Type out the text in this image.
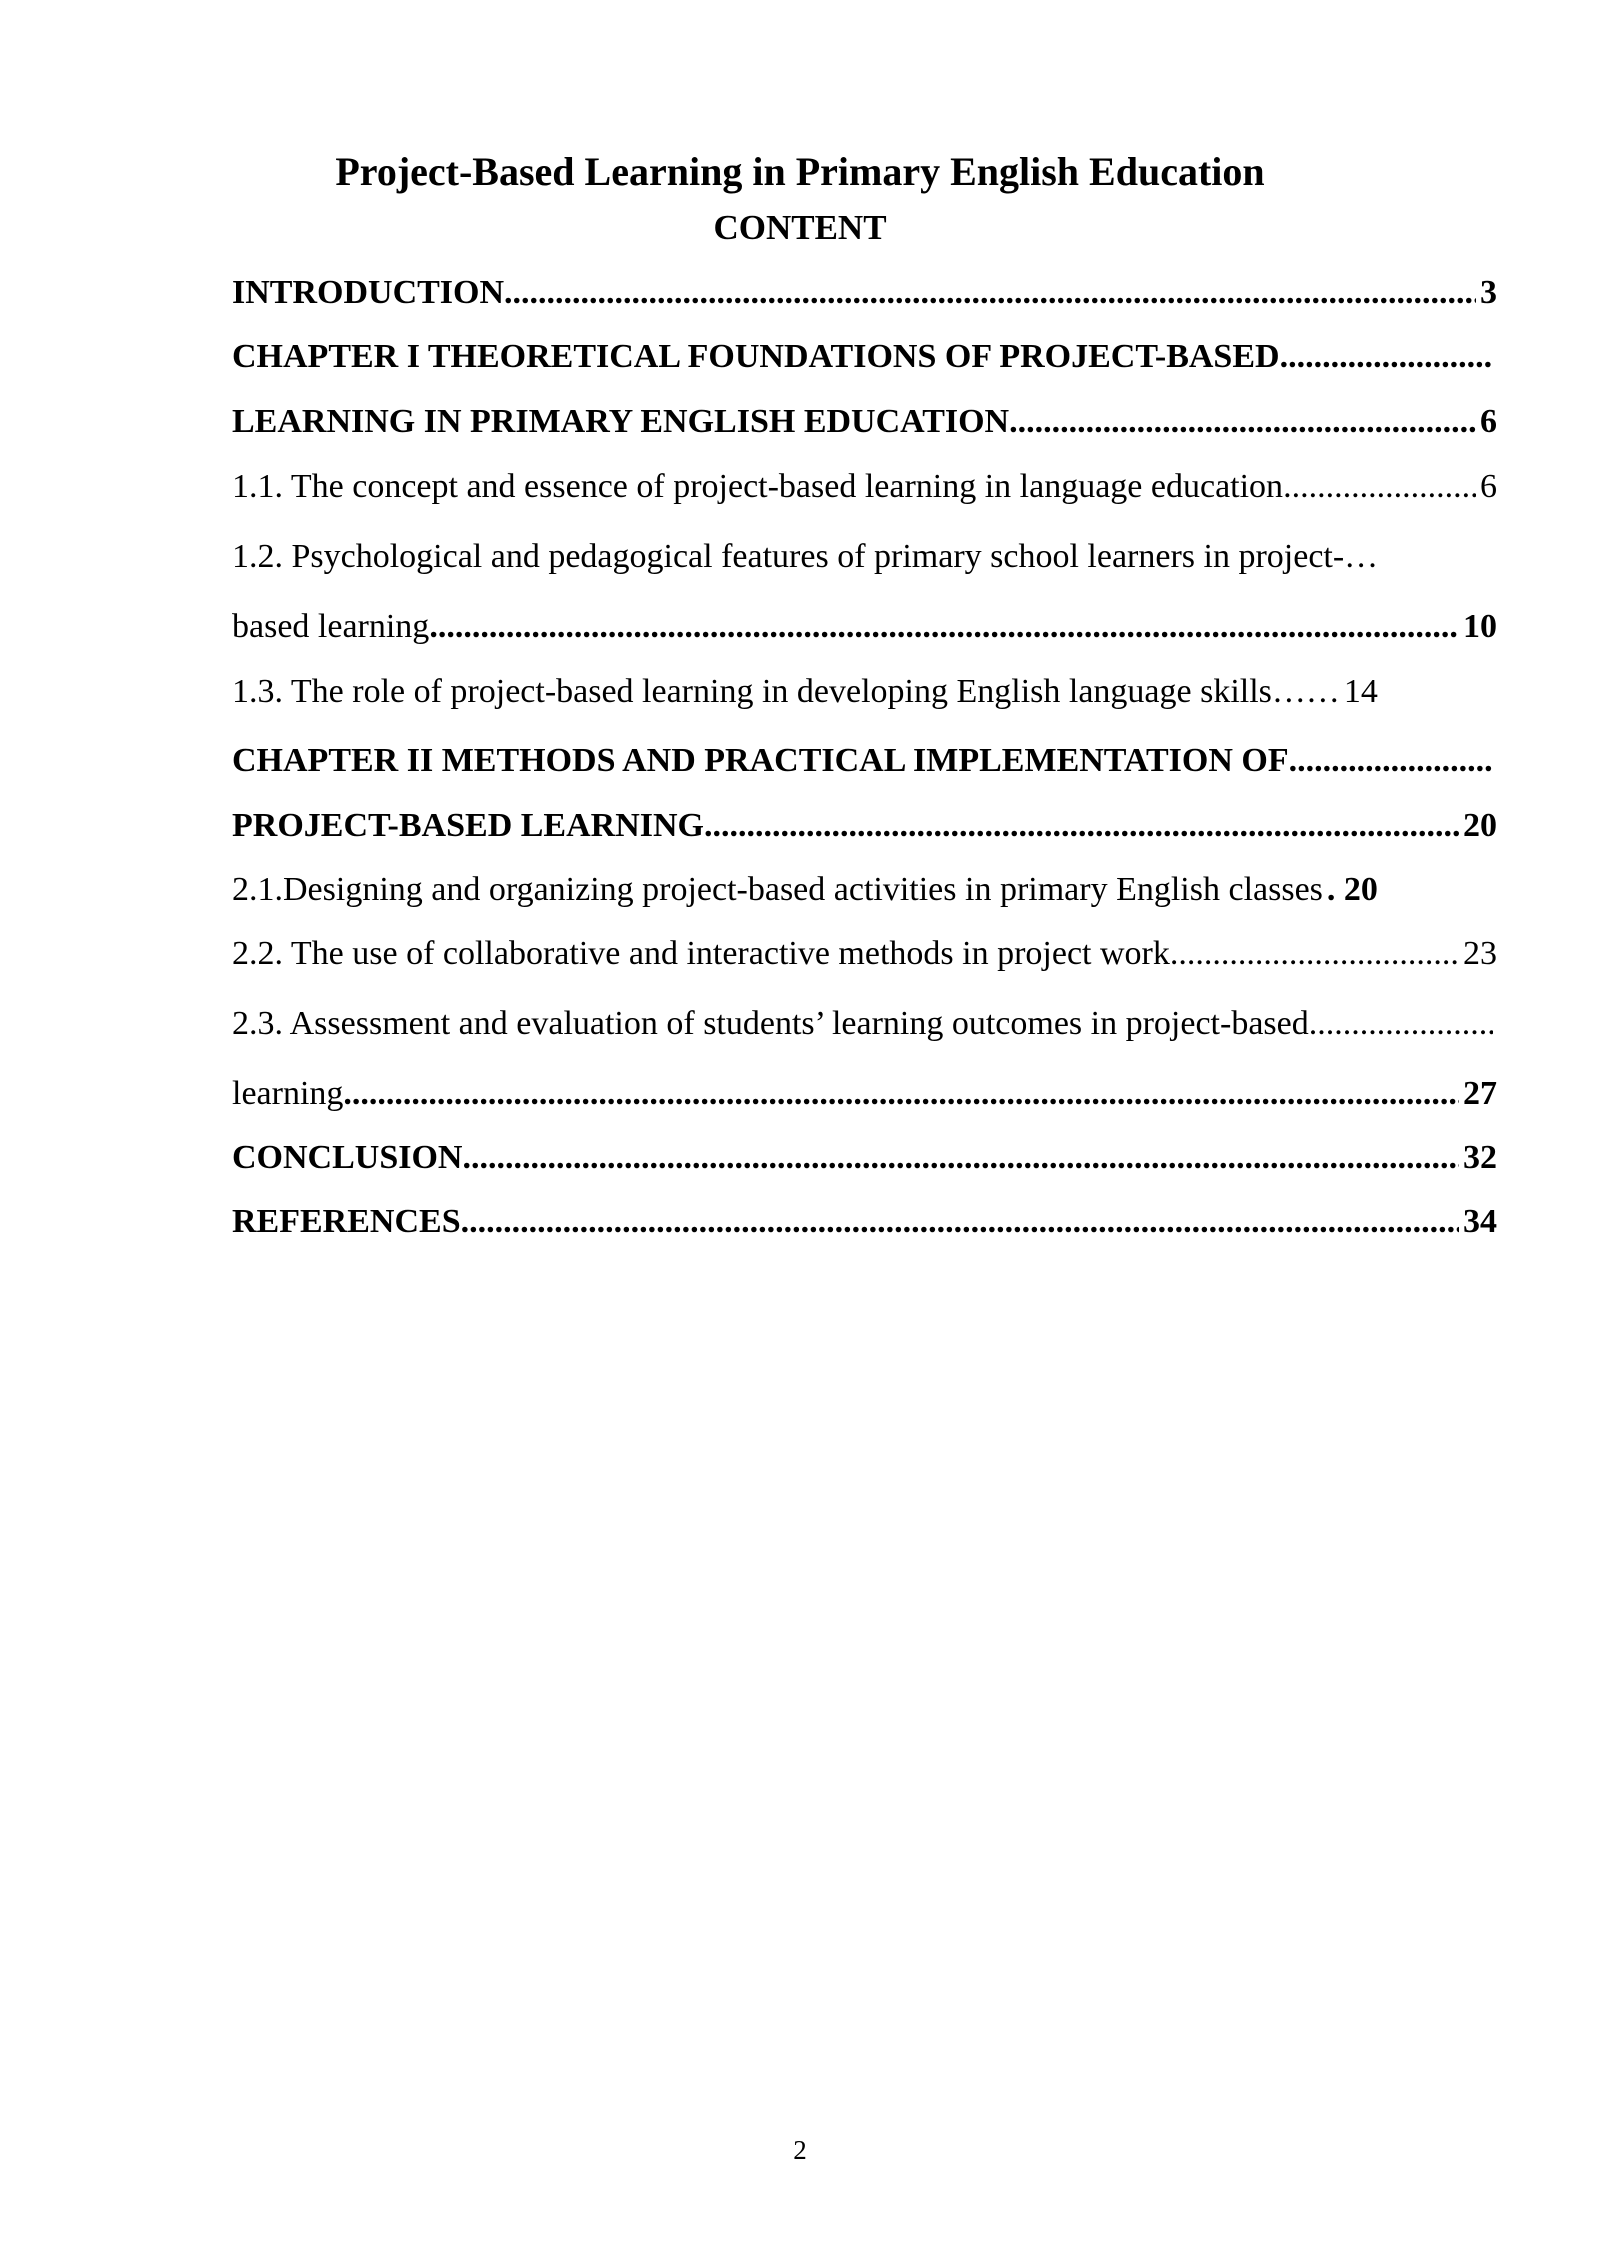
Project-Based Learning in Primary English Education
CONTENT
INTRODUCTION .....	3
CHAPTER I THEORETICAL FOUNDATIONS OF PROJECT-BASED
.....
LEARNING IN PRIMARY ENGLISH EDUCATION .....	6
1.1. The concept and essence of project-based learning in language education .....	6
1.2. Psychological and pedagogical features of primary school learners in project-…
based learning .....	10
1.3. The role of project-based learning in developing English language skills…… 14
CHAPTER II METHODS AND PRACTICAL IMPLEMENTATION OF
.....
PROJECT-BASED LEARNING .....	20
2.1.Designing and organizing project-based activities in primary English classes . 20
2.2. The use of collaborative and interactive methods in project work .....	23
2.3. Assessment and evaluation of students’ learning outcomes in project-based
.....
learning .....	27
CONCLUSION .....	32
REFERENCES .....	34
2
